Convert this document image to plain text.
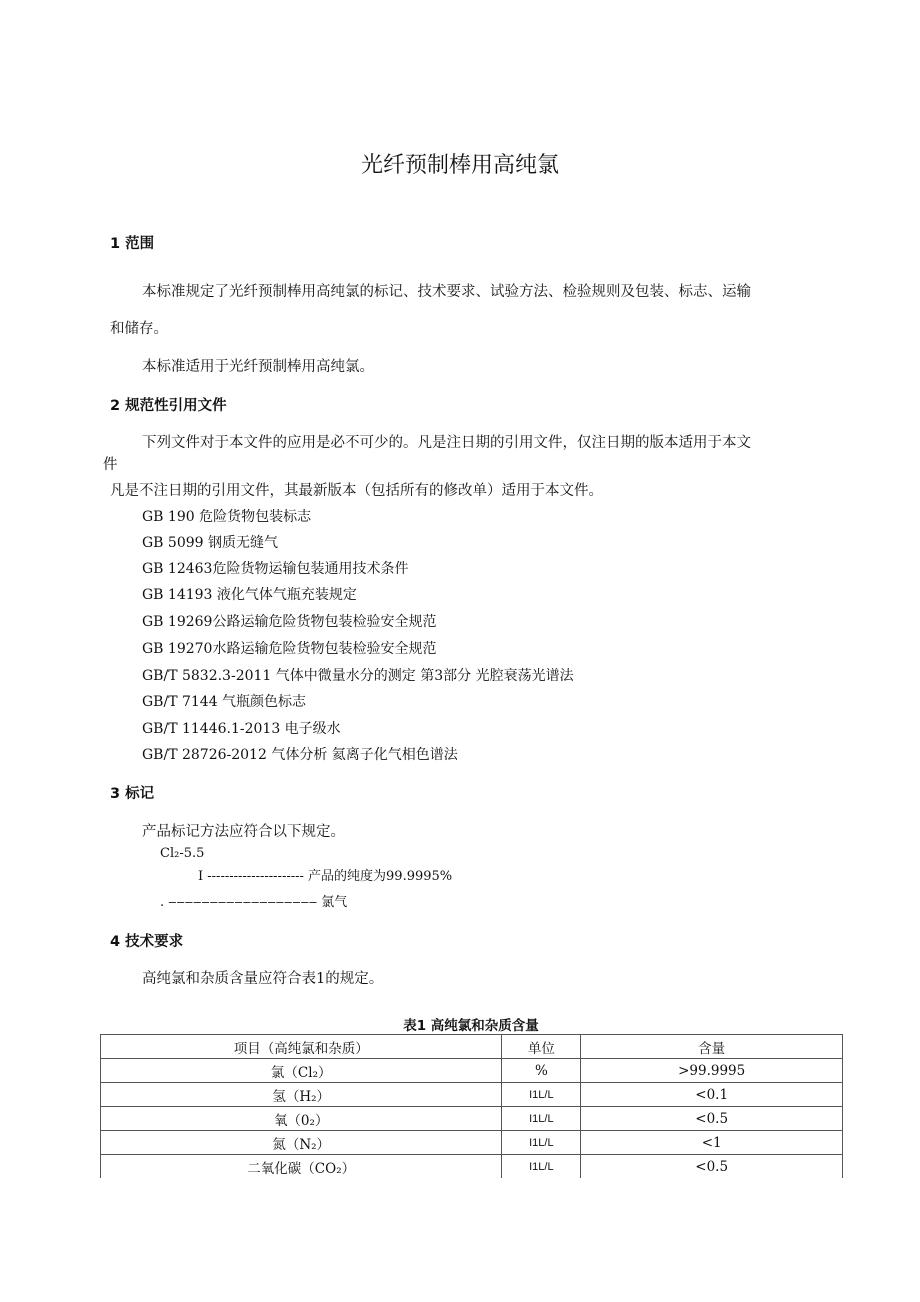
光纤预制棒用高纯氯
1 范围
本标准规定了光纤预制棒用高纯氯的标记、技术要求、试验方法、检验规则及包装、标志、运输
和储存。
本标准适用于光纤预制棒用高纯氯。
2 规范性引用文件
下列文件对于本文件的应用是必不可少的。凡是注日期的引用文件，仅注日期的版本适用于本文
件
凡是不注日期的引用文件，其最新版本（包括所有的修改单）适用于本文件。
GB 190 危险货物包装标志
GB 5099 钢质无缝气
GB 12463危险货物运输包装通用技术条件
GB 14193 液化气体气瓶充装规定
GB 19269公路运输危险货物包装检验安全规范
GB 19270水路运输危险货物包装检验安全规范
GB/T 5832.3-2011 气体中微量水分的测定 第3部分 光腔衰荡光谱法
GB/T 7144 气瓶颜色标志
GB/T 11446.1-2013 电子级水
GB/T 28726-2012 气体分析 氦离子化气相色谱法
3 标记
产品标记方法应符合以下规定。
Cl₂-5.5
I ---------------------- 产品的纯度为99.9995%
. ‒‒‒‒‒‒‒‒‒‒‒‒‒‒‒‒‒‒ 氯气
4 技术要求
高纯氯和杂质含量应符合表1的规定。
表1 高纯氯和杂质含量
项目（高纯氯和杂质）	单位	含量
氯（Cl₂）	%	>99.9995
氢（H₂）	I1L/L	<0.1
氧（0₂）	I1L/L	<0.5
氮（N₂）	I1L/L	<1
二氧化碳（CO₂）	I1L/L	<0.5
